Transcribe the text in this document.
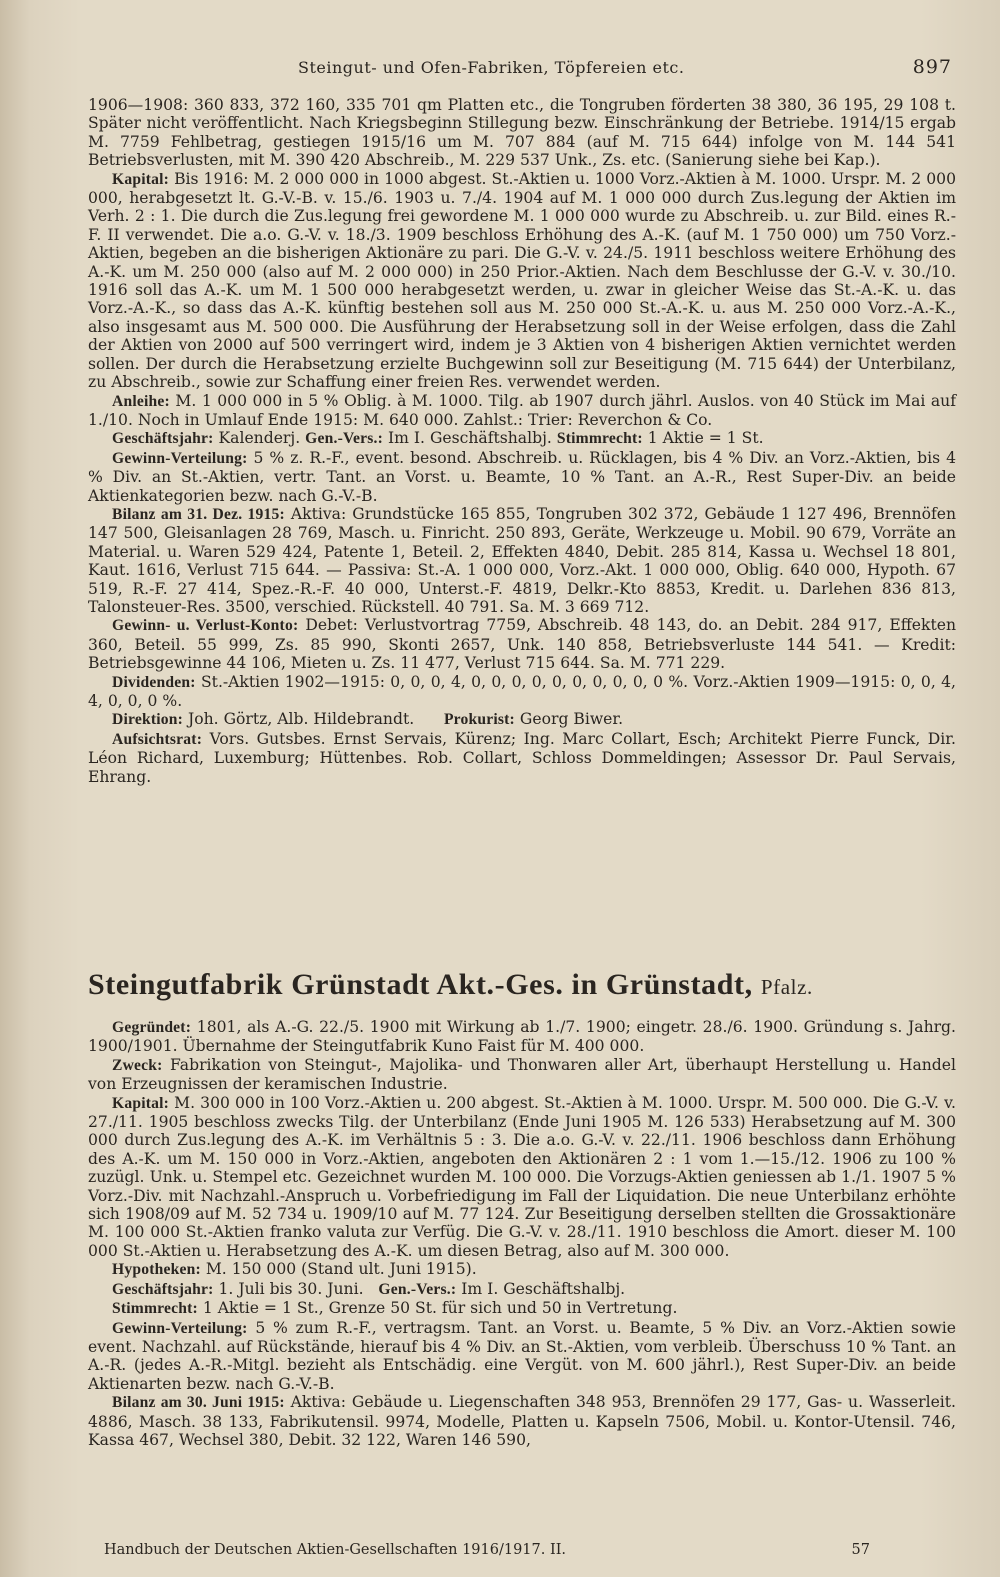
Steingut- und Ofen-Fabriken, Töpfereien etc.	897

1906—1908: 360 833, 372 160, 335 701 qm Platten etc., die Tongruben förderten 38 380, 36 195, 29 108 t. Später nicht veröffentlicht. Nach Kriegsbeginn Stillegung bezw. Einschränkung der Betriebe. 1914/15 ergab M. 7759 Fehlbetrag, gestiegen 1915/16 um M. 707 884 (auf M. 715 644) infolge von M. 144 541 Betriebsverlusten, mit M. 390 420 Abschreib., M. 229 537 Unk., Zs. etc. (Sanierung siehe bei Kap.).

Kapital: Bis 1916: M. 2 000 000 in 1000 abgest. St.-Aktien u. 1000 Vorz.-Aktien à M. 1000. Urspr. M. 2 000 000, herabgesetzt lt. G.-V.-B. v. 15./6. 1903 u. 7./4. 1904 auf M. 1 000 000 durch Zus.legung der Aktien im Verh. 2 : 1. Die durch die Zus.legung frei gewordene M. 1 000 000 wurde zu Abschreib. u. zur Bild. eines R.-F. II verwendet. Die a.o. G.-V. v. 18./3. 1909 beschloss Erhöhung des A.-K. (auf M. 1 750 000) um 750 Vorz.-Aktien, begeben an die bisherigen Aktionäre zu pari. Die G.-V. v. 24./5. 1911 beschloss weitere Erhöhung des A.-K. um M. 250 000 (also auf M. 2 000 000) in 250 Prior.-Aktien. Nach dem Beschlusse der G.-V. v. 30./10. 1916 soll das A.-K. um M. 1 500 000 herabgesetzt werden, u. zwar in gleicher Weise das St.-A.-K. u. das Vorz.-A.-K., so dass das A.-K. künftig bestehen soll aus M. 250 000 St.-A.-K. u. aus M. 250 000 Vorz.-A.-K., also insgesamt aus M. 500 000. Die Ausführung der Herabsetzung soll in der Weise erfolgen, dass die Zahl der Aktien von 2000 auf 500 verringert wird, indem je 3 Aktien von 4 bisherigen Aktien vernichtet werden sollen. Der durch die Herabsetzung erzielte Buchgewinn soll zur Beseitigung (M. 715 644) der Unterbilanz, zu Abschreib., sowie zur Schaffung einer freien Res. verwendet werden.

Anleihe: M. 1 000 000 in 5 % Oblig. à M. 1000. Tilg. ab 1907 durch jährl. Auslos. von 40 Stück im Mai auf 1./10. Noch in Umlauf Ende 1915: M. 640 000. Zahlst.: Trier: Reverchon & Co.

Geschäftsjahr: Kalenderj. Gen.-Vers.: Im I. Geschäftshalbj. Stimmrecht: 1 Aktie = 1 St.

Gewinn-Verteilung: 5 % z. R.-F., event. besond. Abschreib. u. Rücklagen, bis 4 % Div. an Vorz.-Aktien, bis 4 % Div. an St.-Aktien, vertr. Tant. an Vorst. u. Beamte, 10 % Tant. an A.-R., Rest Super-Div. an beide Aktienkategorien bezw. nach G.-V.-B.

Bilanz am 31. Dez. 1915: Aktiva: Grundstücke 165 855, Tongruben 302 372, Gebäude 1 127 496, Brennöfen 147 500, Gleisanlagen 28 769, Masch. u. Finricht. 250 893, Geräte, Werkzeuge u. Mobil. 90 679, Vorräte an Material. u. Waren 529 424, Patente 1, Beteil. 2, Effekten 4840, Debit. 285 814, Kassa u. Wechsel 18 801, Kaut. 1616, Verlust 715 644. — Passiva: St.-A. 1 000 000, Vorz.-Akt. 1 000 000, Oblig. 640 000, Hypoth. 67 519, R.-F. 27 414, Spez.-R.-F. 40 000, Unterst.-F. 4819, Delkr.-Kto 8853, Kredit. u. Darlehen 836 813, Talonsteuer-Res. 3500, verschied. Rückstell. 40 791. Sa. M. 3 669 712.

Gewinn- u. Verlust-Konto: Debet: Verlustvortrag 7759, Abschreib. 48 143, do. an Debit. 284 917, Effekten 360, Beteil. 55 999, Zs. 85 990, Skonti 2657, Unk. 140 858, Betriebsverluste 144 541. — Kredit: Betriebsgewinne 44 106, Mieten u. Zs. 11 477, Verlust 715 644. Sa. M. 771 229.

Dividenden: St.-Aktien 1902—1915: 0, 0, 0, 4, 0, 0, 0, 0, 0, 0, 0, 0, 0, 0 %. Vorz.-Aktien 1909—1915: 0, 0, 4, 4, 0, 0, 0 %.

Direktion: Joh. Görtz, Alb. Hildebrandt. Prokurist: Georg Biwer.

Aufsichtsrat: Vors. Gutsbes. Ernst Servais, Kürenz; Ing. Marc Collart, Esch; Architekt Pierre Funck, Dir. Léon Richard, Luxemburg; Hüttenbes. Rob. Collart, Schloss Dommeldingen; Assessor Dr. Paul Servais, Ehrang.

Steingutfabrik Grünstadt Akt.-Ges. in Grünstadt, Pfalz.

Gegründet: 1801, als A.-G. 22./5. 1900 mit Wirkung ab 1./7. 1900; eingetr. 28./6. 1900. Gründung s. Jahrg. 1900/1901. Übernahme der Steingutfabrik Kuno Faist für M. 400 000.

Zweck: Fabrikation von Steingut-, Majolika- und Thonwaren aller Art, überhaupt Herstellung u. Handel von Erzeugnissen der keramischen Industrie.

Kapital: M. 300 000 in 100 Vorz.-Aktien u. 200 abgest. St.-Aktien à M. 1000. Urspr. M. 500 000. Die G.-V. v. 27./11. 1905 beschloss zwecks Tilg. der Unterbilanz (Ende Juni 1905 M. 126 533) Herabsetzung auf M. 300 000 durch Zus.legung des A.-K. im Verhältnis 5 : 3. Die a.o. G.-V. v. 22./11. 1906 beschloss dann Erhöhung des A.-K. um M. 150 000 in Vorz.-Aktien, angeboten den Aktionären 2 : 1 vom 1.—15./12. 1906 zu 100 % zuzügl. Unk. u. Stempel etc. Gezeichnet wurden M. 100 000. Die Vorzugs-Aktien geniessen ab 1./1. 1907 5 % Vorz.-Div. mit Nachzahl.-Anspruch u. Vorbefriedigung im Fall der Liquidation. Die neue Unterbilanz erhöhte sich 1908/09 auf M. 52 734 u. 1909/10 auf M. 77 124. Zur Beseitigung derselben stellten die Grossaktionäre M. 100 000 St.-Aktien franko valuta zur Verfüg. Die G.-V. v. 28./11. 1910 beschloss die Amort. dieser M. 100 000 St.-Aktien u. Herabsetzung des A.-K. um diesen Betrag, also auf M. 300 000.

Hypotheken: M. 150 000 (Stand ult. Juni 1915).

Geschäftsjahr: 1. Juli bis 30. Juni. Gen.-Vers.: Im I. Geschäftshalbj.

Stimmrecht: 1 Aktie = 1 St., Grenze 50 St. für sich und 50 in Vertretung.

Gewinn-Verteilung: 5 % zum R.-F., vertragsm. Tant. an Vorst. u. Beamte, 5 % Div. an Vorz.-Aktien sowie event. Nachzahl. auf Rückstände, hierauf bis 4 % Div. an St.-Aktien, vom verbleib. Überschuss 10 % Tant. an A.-R. (jedes A.-R.-Mitgl. bezieht als Entschädig. eine Vergüt. von M. 600 jährl.), Rest Super-Div. an beide Aktienarten bezw. nach G.-V.-B.

Bilanz am 30. Juni 1915: Aktiva: Gebäude u. Liegenschaften 348 953, Brennöfen 29 177, Gas- u. Wasserleit. 4886, Masch. 38 133, Fabrikutensil. 9974, Modelle, Platten u. Kapseln 7506, Mobil. u. Kontor-Utensil. 746, Kassa 467, Wechsel 380, Debit. 32 122, Waren 146 590,

Handbuch der Deutschen Aktien-Gesellschaften 1916/1917. II.	57
